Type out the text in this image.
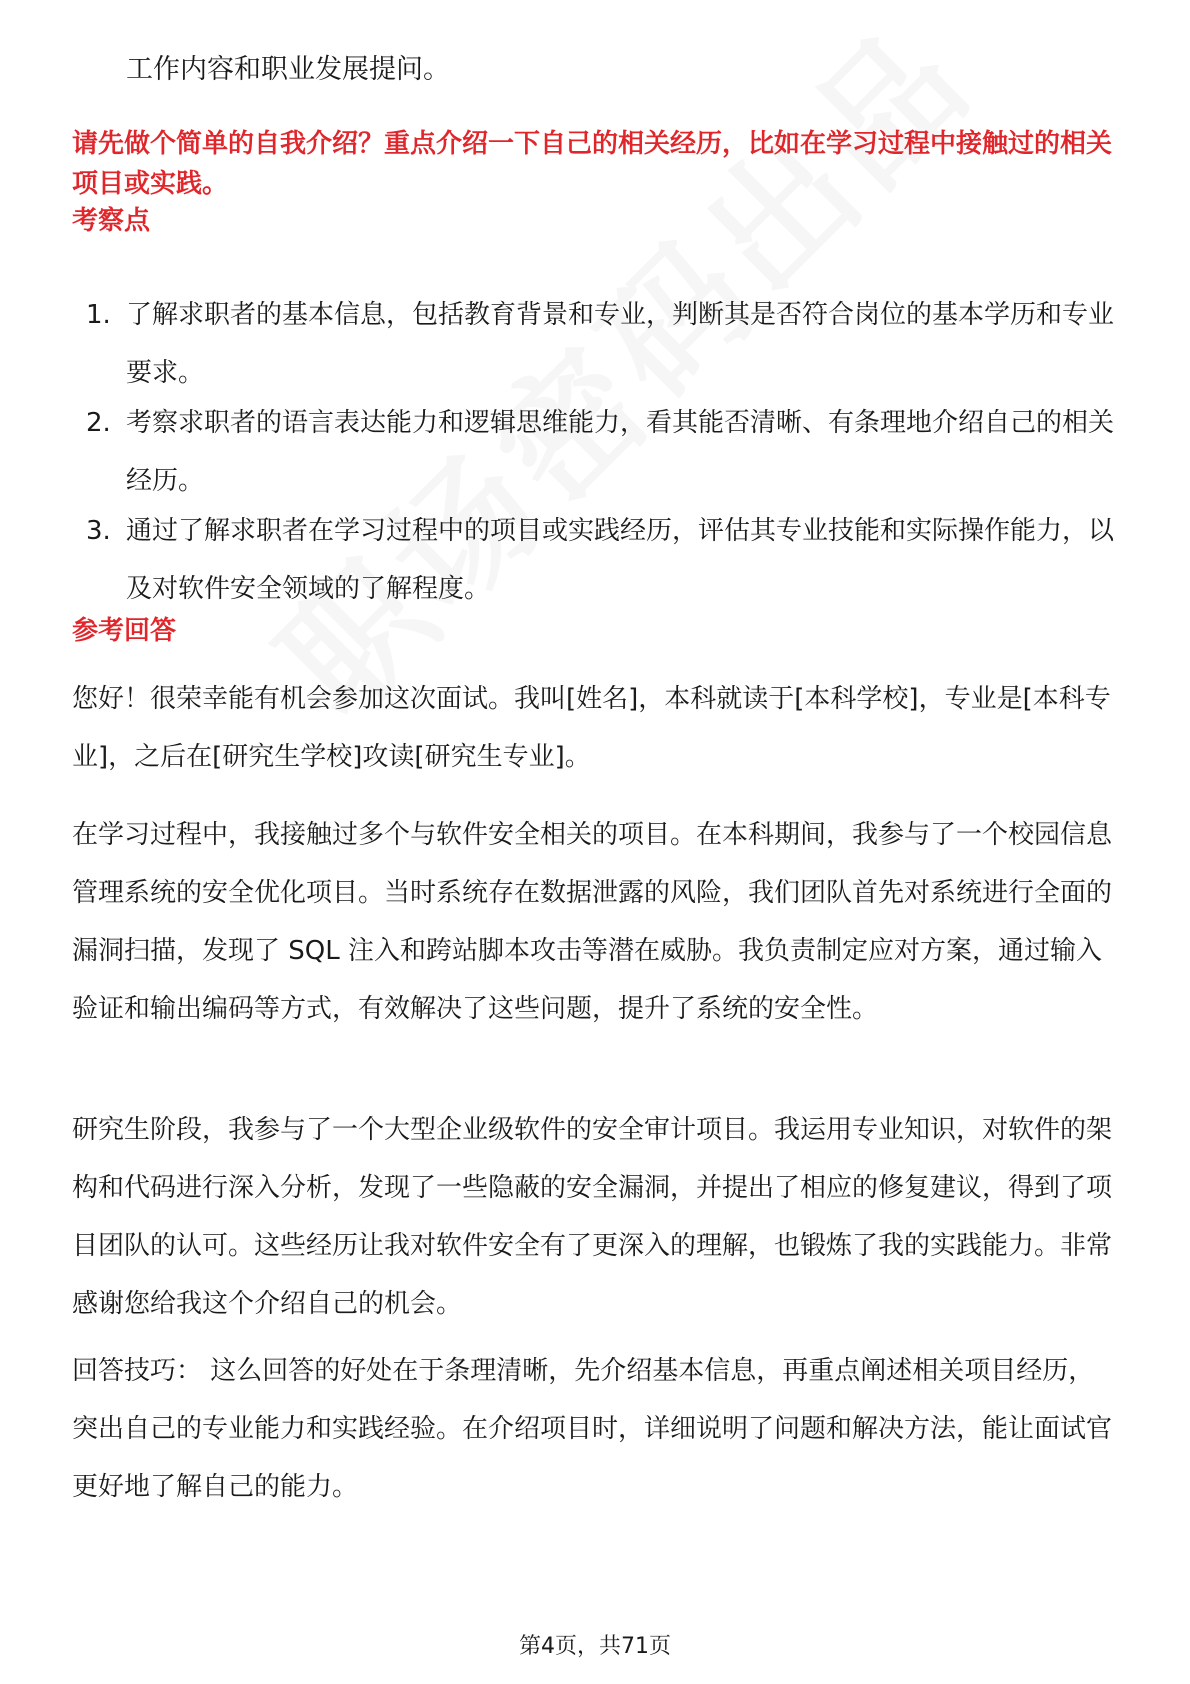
工作内容和职业发展提问。

请先做个简单的自我介绍？重点介绍一下自己的相关经历，比如在学习过程中接触过的相关项目或实践。

考察点

1. 了解求职者的基本信息，包括教育背景和专业，判断其是否符合岗位的基本学历和专业要求。
2. 考察求职者的语言表达能力和逻辑思维能力，看其能否清晰、有条理地介绍自己的相关经历。
3. 通过了解求职者在学习过程中的项目或实践经历，评估其专业技能和实际操作能力，以及对软件安全领域的了解程度。

参考回答

您好！很荣幸能有机会参加这次面试。我叫[姓名]，本科就读于[本科学校]，专业是[本科专业]，之后在[研究生学校]攻读[研究生专业]。

在学习过程中，我接触过多个与软件安全相关的项目。在本科期间，我参与了一个校园信息管理系统的安全优化项目。当时系统存在数据泄露的风险，我们团队首先对系统进行全面的漏洞扫描，发现了 SQL 注入和跨站脚本攻击等潜在威胁。我负责制定应对方案，通过输入验证和输出编码等方式，有效解决了这些问题，提升了系统的安全性。

研究生阶段，我参与了一个大型企业级软件的安全审计项目。我运用专业知识，对软件的架构和代码进行深入分析，发现了一些隐蔽的安全漏洞，并提出了相应的修复建议，得到了项目团队的认可。这些经历让我对软件安全有了更深入的理解，也锻炼了我的实践能力。非常感谢您给我这个介绍自己的机会。

回答技巧： 这么回答的好处在于条理清晰，先介绍基本信息，再重点阐述相关项目经历，突出自己的专业能力和实践经验。在介绍项目时，详细说明了问题和解决方法，能让面试官更好地了解自己的能力。

第4页，共71页
